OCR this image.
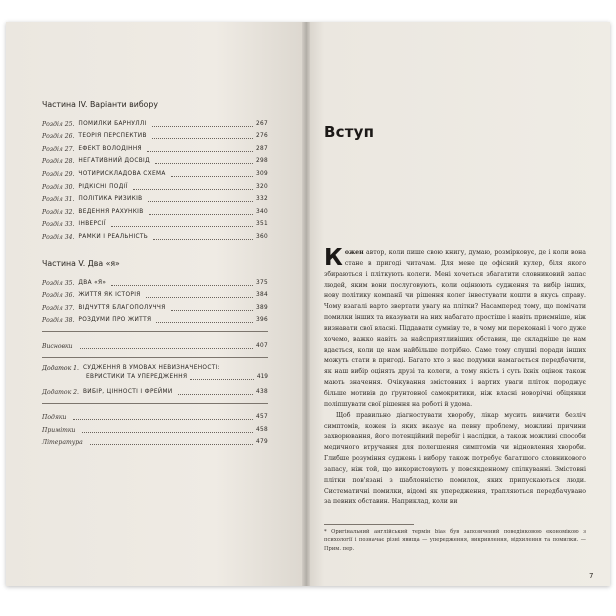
Частина IV. Варіанти вибору
Розділ 25. ПОМИЛКИ БАРНУЛЛІ	267
Розділ 26. ТЕОРІЯ ПЕРСПЕКТИВ	276
Розділ 27. ЕФЕКТ ВОЛОДІННЯ	287
Розділ 28. НЕГАТИВНИЙ ДОСВІД	298
Розділ 29. ЧОТИРИСКЛАДОВА СХЕМА	309
Розділ 30. РІДКІСНІ ПОДІЇ	320
Розділ 31. ПОЛІТИКА РИЗИКІВ	332
Розділ 32. ВЕДЕННЯ РАХУНКІВ	340
Розділ 33. ІНВЕРСІЇ	351
Розділ 34. РАМКИ І РЕАЛЬНІСТЬ	360
Частина V. Два «я»
Розділ 35. ДВА «Я»	375
Розділ 36. ЖИТТЯ ЯК ІСТОРІЯ	384
Розділ 37. ВІДЧУТТЯ БЛАГОПОЛУЧЧЯ	389
Розділ 38. РОЗДУМИ ПРО ЖИТТЯ	396
Висновки	407
Додаток 1. СУДЖЕННЯ В УМОВАХ НЕВИЗНАЧЕНОСТІ:
ЕВРИСТИКИ ТА УПЕРЕДЖЕННЯ	419
Додаток 2. ВИБІР, ЦІННОСТІ І ФРЕЙМИ	438
Подяки	457
Примітки	458
Література	479
Вступ

Кожен автор, коли пише свою книгу, думаю, розмірковує, де і коли вона стане в пригоді читачам. Для мене це офісний кулер, біля якого збираються і пліткують колеги. Мені хочеться збагатити словниковий запас людей, яким вони послуговують, коли оцінюють судження та вибір інших, нову політику компанії чи рішення колег інвестувати кошти в якусь справу. Чому взагалі варто звертати увагу на плітки? Насамперед тому, що помічати помилки інших та вказувати на них набагато простіше і навіть приємніше, ніж визнавати свої власні. Піддавати сумніву те, в чому ми переконані і чого дуже хочемо, важко навіть за найсприятливіших обставин, ще складніше це нам вдається, коли це нам найбільше потрібно. Саме тому слушні поради інших можуть стати в пригоді. Багато хто з нас подумки намагається передбачити, як наш вибір оцінять друзі та колеги, а тому якість і суть їхніх оцінок також мають значення. Очікування змістовних і вартих уваги пліток породжує більше мотивів до ґрунтовної самокритики, ніж власні новорічні обіцянки поліпшувати свої рішення на роботі й удома.

Щоб правильно діагностувати хворобу, лікар мусить вивчити безліч симптомів, кожен із яких вказує на певну проблему, можливі причини захворювання, його потенційний перебіг і наслідки, а також можливі способи медичного втручання для полегшення симптомів чи відновлення хвороби. Глибше розуміння суджень і вибору також потребує багатшого словникового запасу, ніж той, що використовують у повсякденному спілкуванні. Змістовні плітки пов'язані з шаблонністю помилок, яких припускаються люди. Систематичні помилки, відомі як упередження, трапляються передбачувано за певних обставин. Наприклад, коли ви

* Оригінальний англійський термін bias був запозичений поведінковою економікою з психології і позначає різні явища — упередження, викривлення, відхилення та помилки. — Прим. пер.
7
